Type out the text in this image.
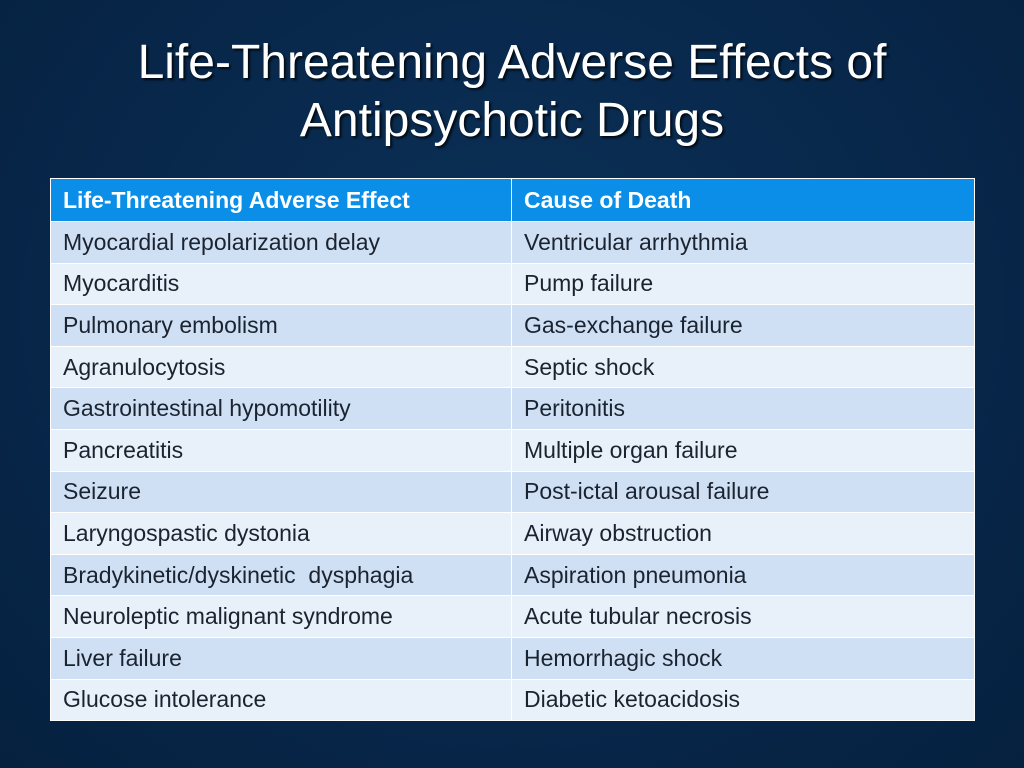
Life-Threatening Adverse Effects of
Antipsychotic Drugs
Life-Threatening Adverse Effect	Cause of Death
Myocardial repolarization delay	Ventricular arrhythmia
Myocarditis	Pump failure
Pulmonary embolism	Gas-exchange failure
Agranulocytosis	Septic shock
Gastrointestinal hypomotility	Peritonitis
Pancreatitis	Multiple organ failure
Seizure	Post-ictal arousal failure
Laryngospastic dystonia	Airway obstruction
Bradykinetic/dyskinetic  dysphagia	Aspiration pneumonia
Neuroleptic malignant syndrome	Acute tubular necrosis
Liver failure	Hemorrhagic shock
Glucose intolerance	Diabetic ketoacidosis
